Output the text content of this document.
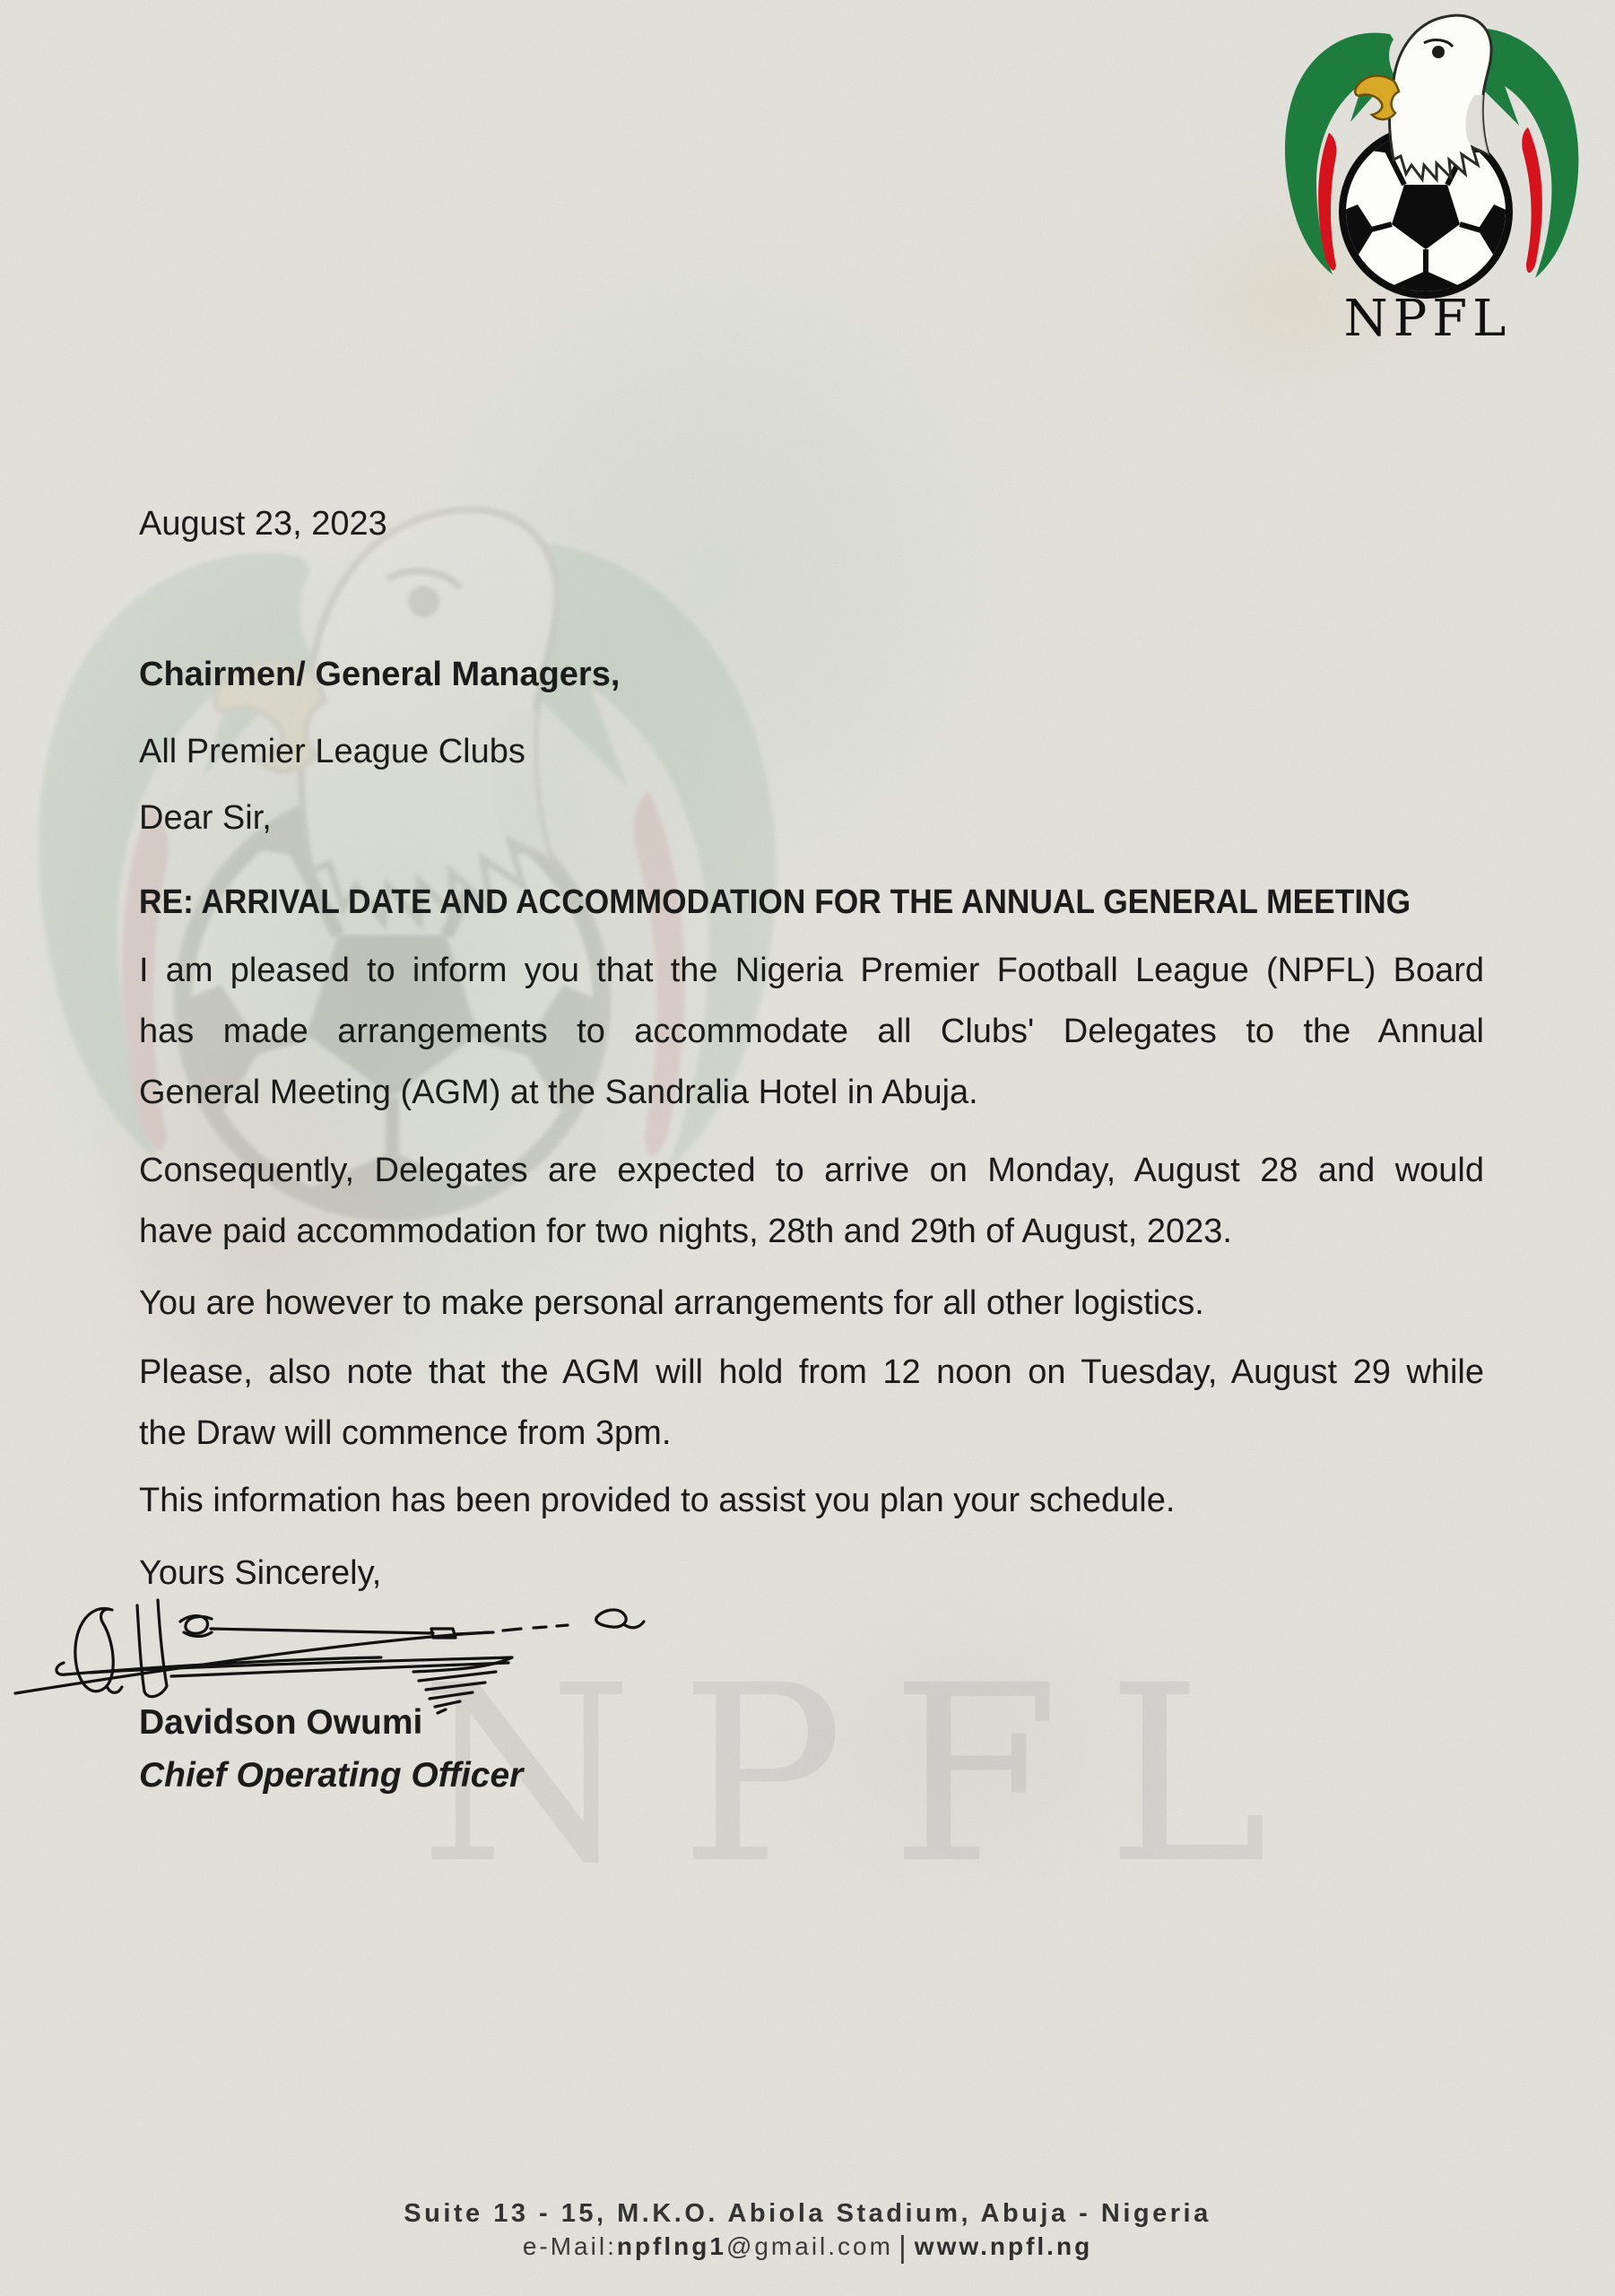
NPFL
NPFL
August 23, 2023
Chairmen/ General Managers,
All Premier League Clubs
Dear Sir,
RE: ARRIVAL DATE AND ACCOMMODATION FOR THE ANNUAL GENERAL MEETING
I am pleased to inform you that the Nigeria Premier Football League (NPFL) Board
has made arrangements to accommodate all Clubs' Delegates to the Annual
General Meeting (AGM) at the Sandralia Hotel in Abuja.
Consequently, Delegates are expected to arrive on Monday, August 28 and would
have paid accommodation for two nights, 28th and 29th of August, 2023.
You are however to make personal arrangements for all other logistics.
Please, also note that the AGM will hold from 12 noon on Tuesday, August 29 while
the Draw will commence from 3pm.
This information has been provided to assist you plan your schedule.
Yours Sincerely,
Davidson Owumi
Chief Operating Officer
Suite 13 - 15, M.K.O. Abiola Stadium, Abuja - Nigeria
e-Mail:npflng1@gmail.com | www.npfl.ng
